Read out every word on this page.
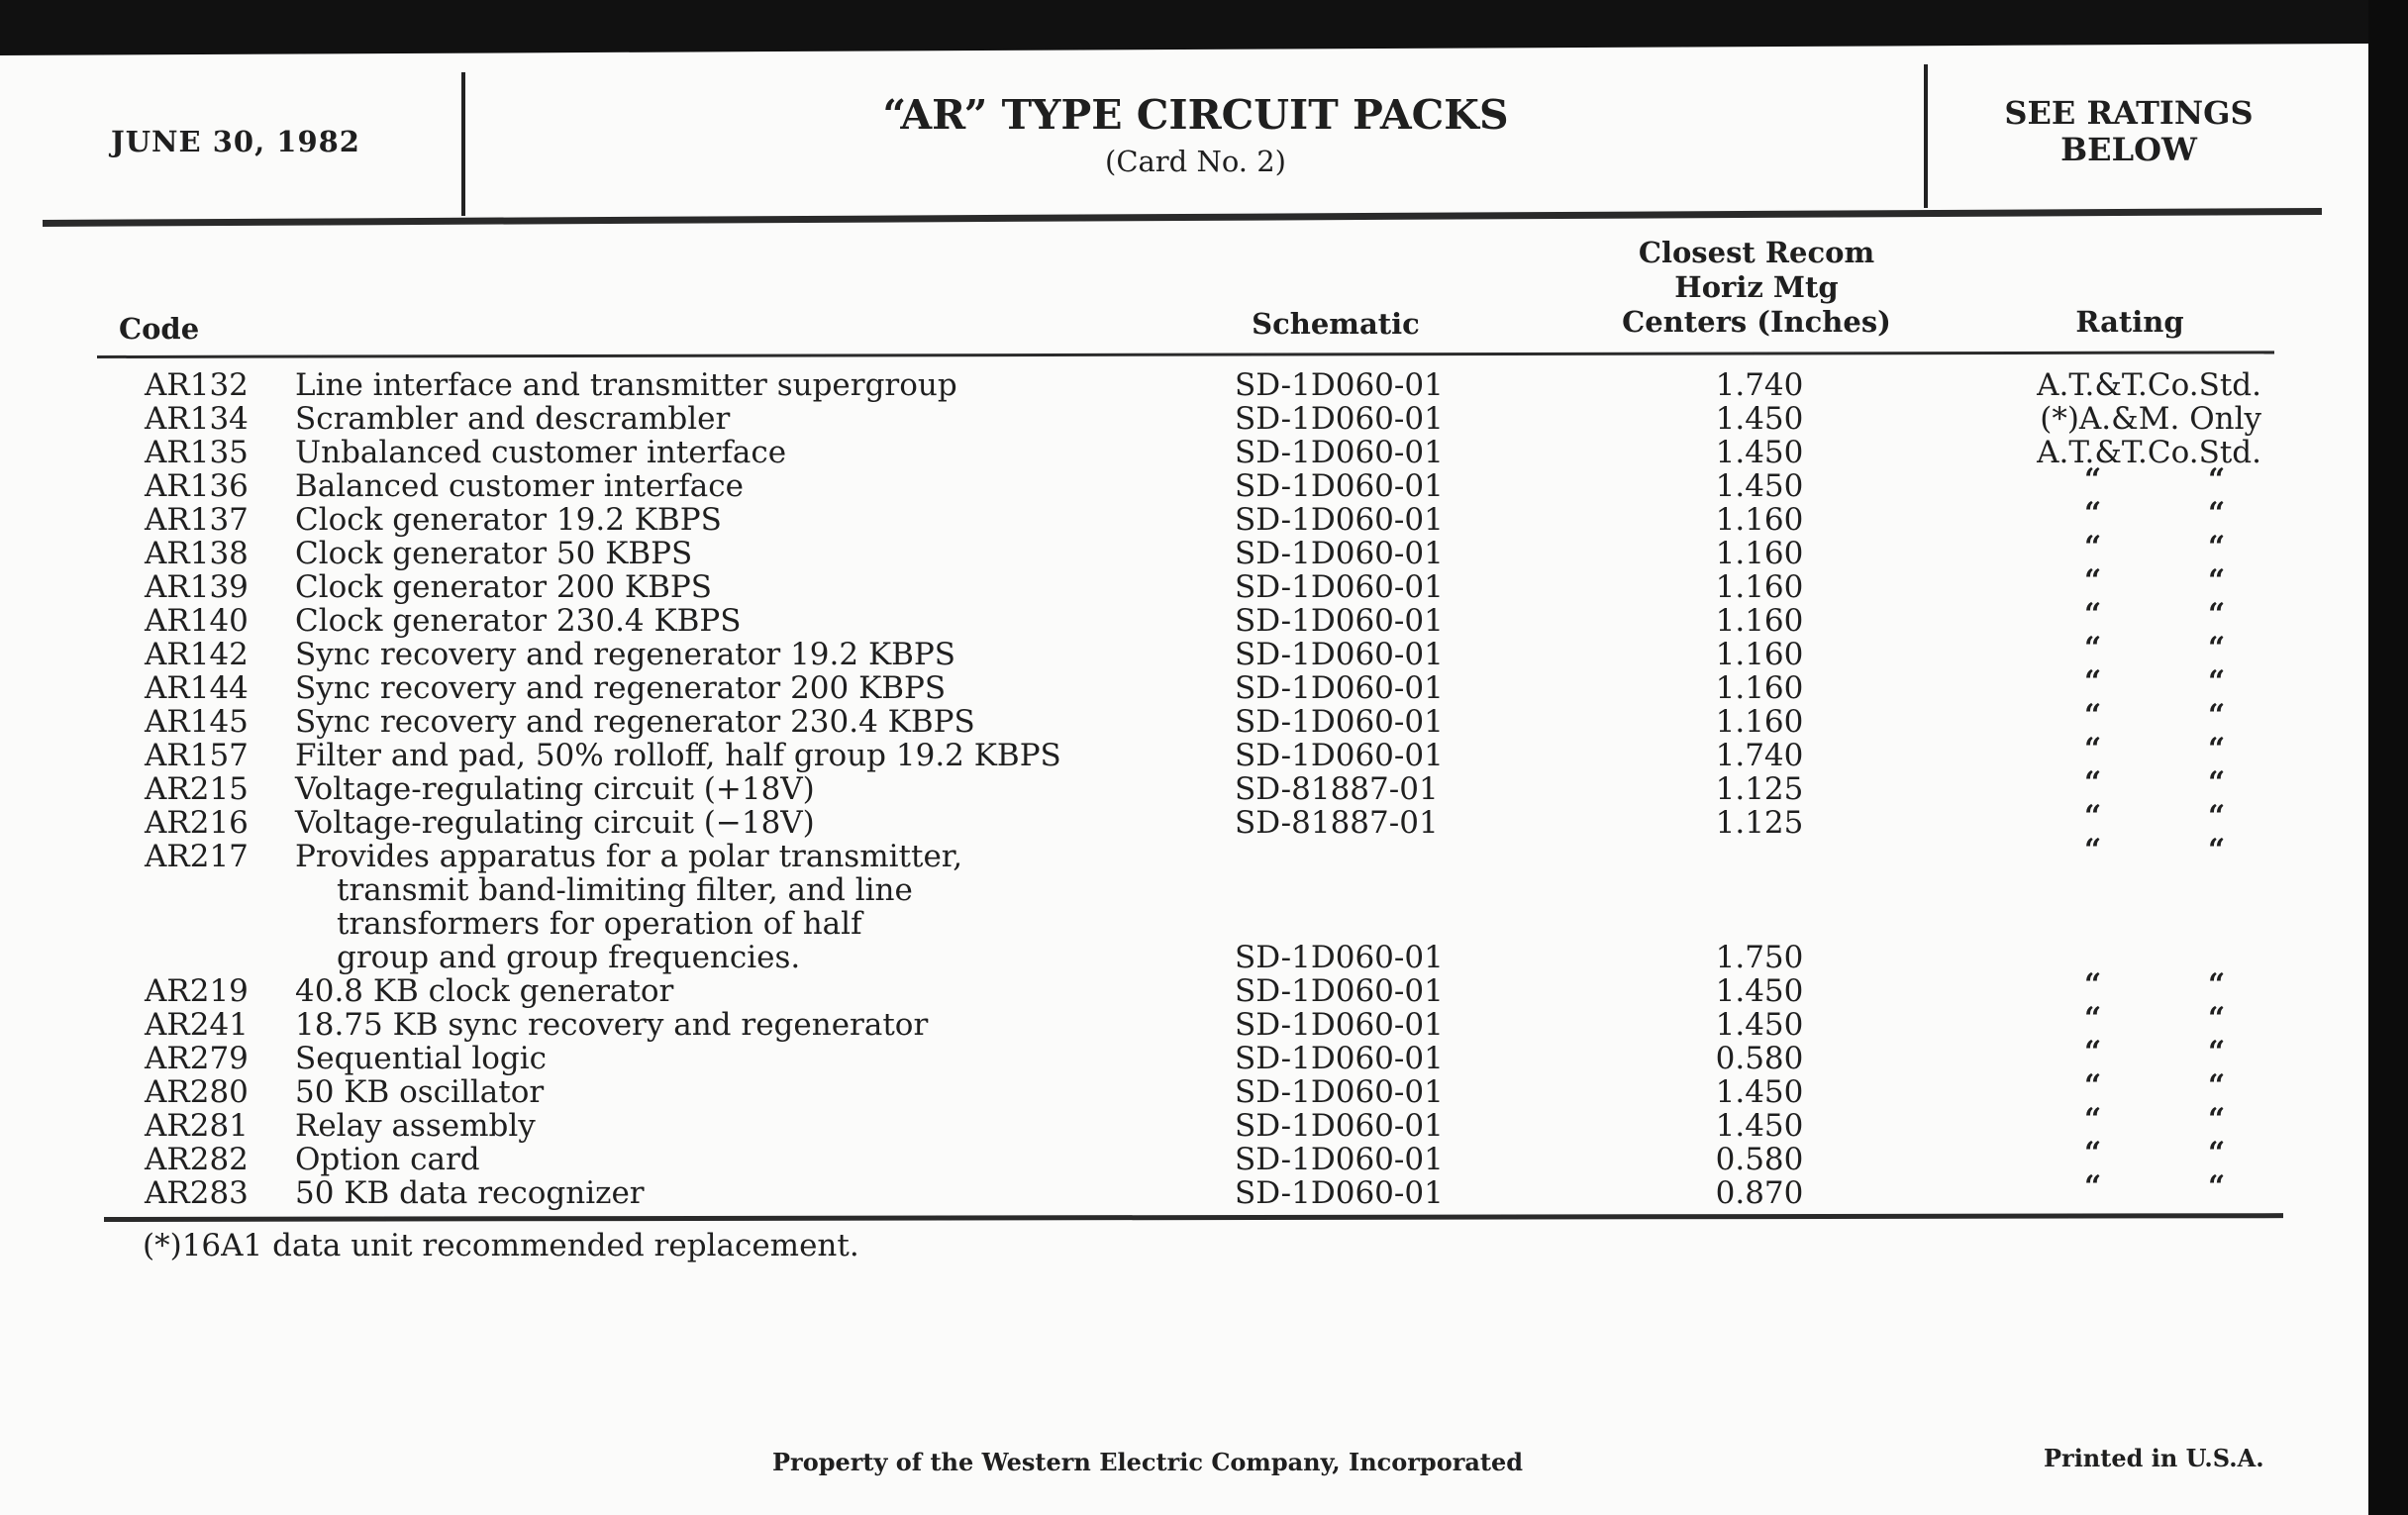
JUNE 30, 1982
“AR” TYPE CIRCUIT PACKS
(Card No. 2)
SEE RATINGS
BELOW
Code	Schematic
Closest Recom
Horiz Mtg
Centers (Inches)	Rating
AR132 Line interface and transmitter supergroup	SD-1D060-01	1.740	A.T.&T.Co.Std.
AR134 Scrambler and descrambler	SD-1D060-01	1.450	(*)A.&M. Only
AR135 Unbalanced customer interface	SD-1D060-01	1.450	A.T.&T.Co.Std.
AR136 Balanced customer interface	SD-1D060-01	1.450	“	“
AR137 Clock generator 19.2 KBPS	SD-1D060-01	1.160	“	“
AR138 Clock generator 50 KBPS	SD-1D060-01	1.160	“	“
AR139 Clock generator 200 KBPS	SD-1D060-01	1.160	“	“
AR140 Clock generator 230.4 KBPS	SD-1D060-01	1.160	“	“
AR142 Sync recovery and regenerator 19.2 KBPS	SD-1D060-01	1.160	“	“
AR144 Sync recovery and regenerator 200 KBPS	SD-1D060-01	1.160	“	“
AR145 Sync recovery and regenerator 230.4 KBPS	SD-1D060-01	1.160	“	“
AR157 Filter and pad, 50% rolloff, half group 19.2 KBPS	SD-1D060-01	1.740	“	“
AR215 Voltage-regulating circuit (+18V)	SD-81887-01	1.125	“	“
AR216 Voltage-regulating circuit (−18V)	SD-81887-01	1.125	“	“
AR217 Provides apparatus for a polar transmitter,
transmit band-limiting filter, and line
transformers for operation of half
group and group frequencies.	SD-1D060-01	1.750
“	“
AR219 40.8 KB clock generator	SD-1D060-01	1.450	“	“
AR241 18.75 KB sync recovery and regenerator	SD-1D060-01	1.450	“	“
AR279 Sequential logic	SD-1D060-01	0.580	“	“
AR280 50 KB oscillator	SD-1D060-01	1.450	“	“
AR281 Relay assembly	SD-1D060-01	1.450	“	“
AR282 Option card	SD-1D060-01	0.580	“	“
AR283 50 KB data recognizer	SD-1D060-01	0.870	“	“
(*)16A1 data unit recommended replacement.
Property of the Western Electric Company, Incorporated	Printed in U.S.A.
